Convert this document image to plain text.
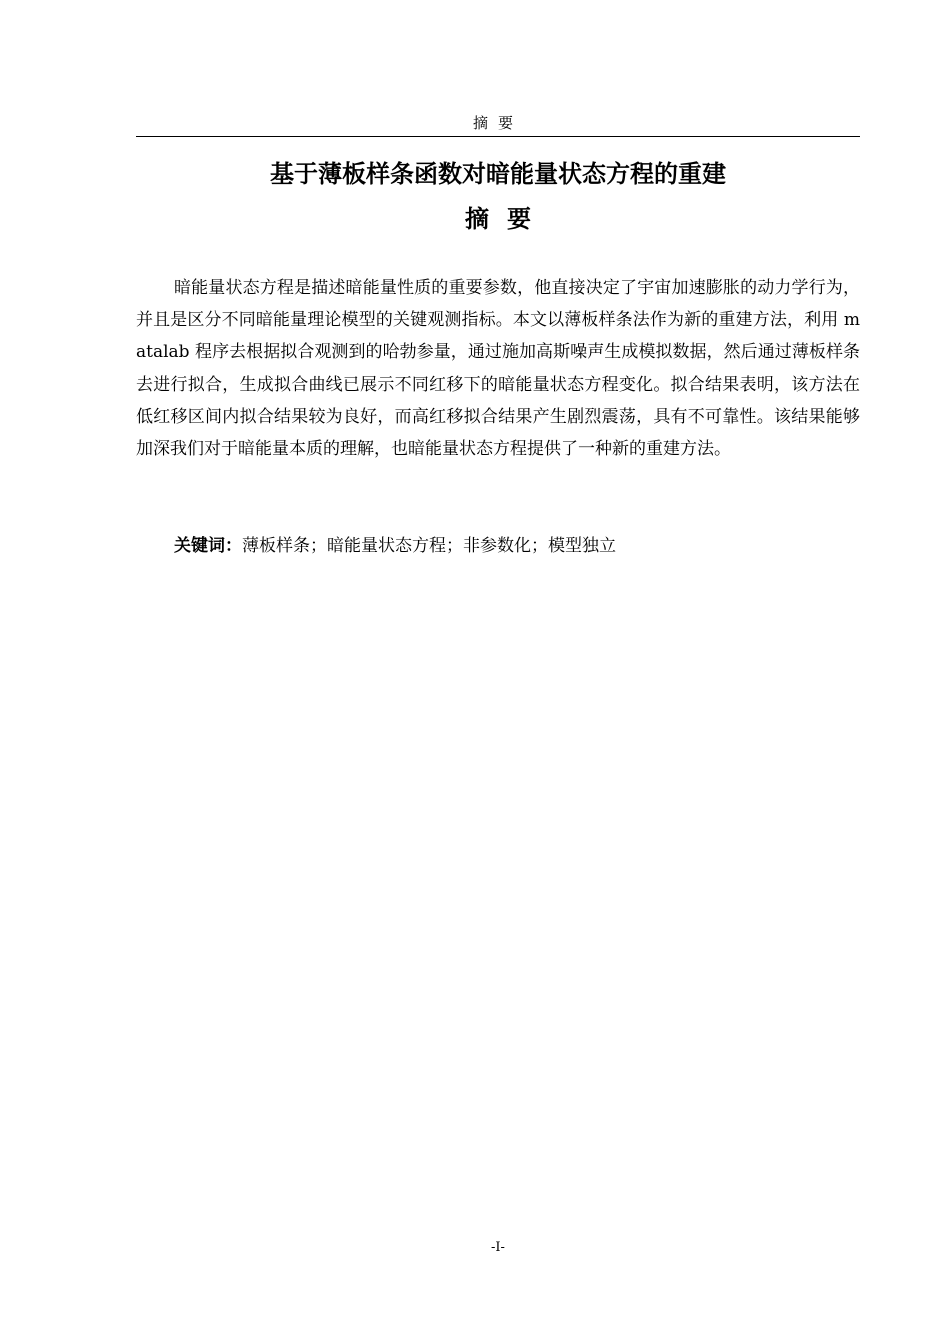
摘要
基于薄板样条函数对暗能量状态方程的重建
摘要

暗能量状态方程是描述暗能量性质的重要参数，他直接决定了宇宙加速膨胀的动力学行为，并且是区分不同暗能量理论模型的关键观测指标。本文以薄板样条法作为新的重建方法，利用 matalab 程序去根据拟合观测到的哈勃参量，通过施加高斯噪声生成模拟数据，然后通过薄板样条去进行拟合，生成拟合曲线已展示不同红移下的暗能量状态方程变化。拟合结果表明，该方法在低红移区间内拟合结果较为良好，而高红移拟合结果产生剧烈震荡，具有不可靠性。该结果能够加深我们对于暗能量本质的理解，也暗能量状态方程提供了一种新的重建方法。

关键词：薄板样条；暗能量状态方程；非参数化；模型独立
-I-
